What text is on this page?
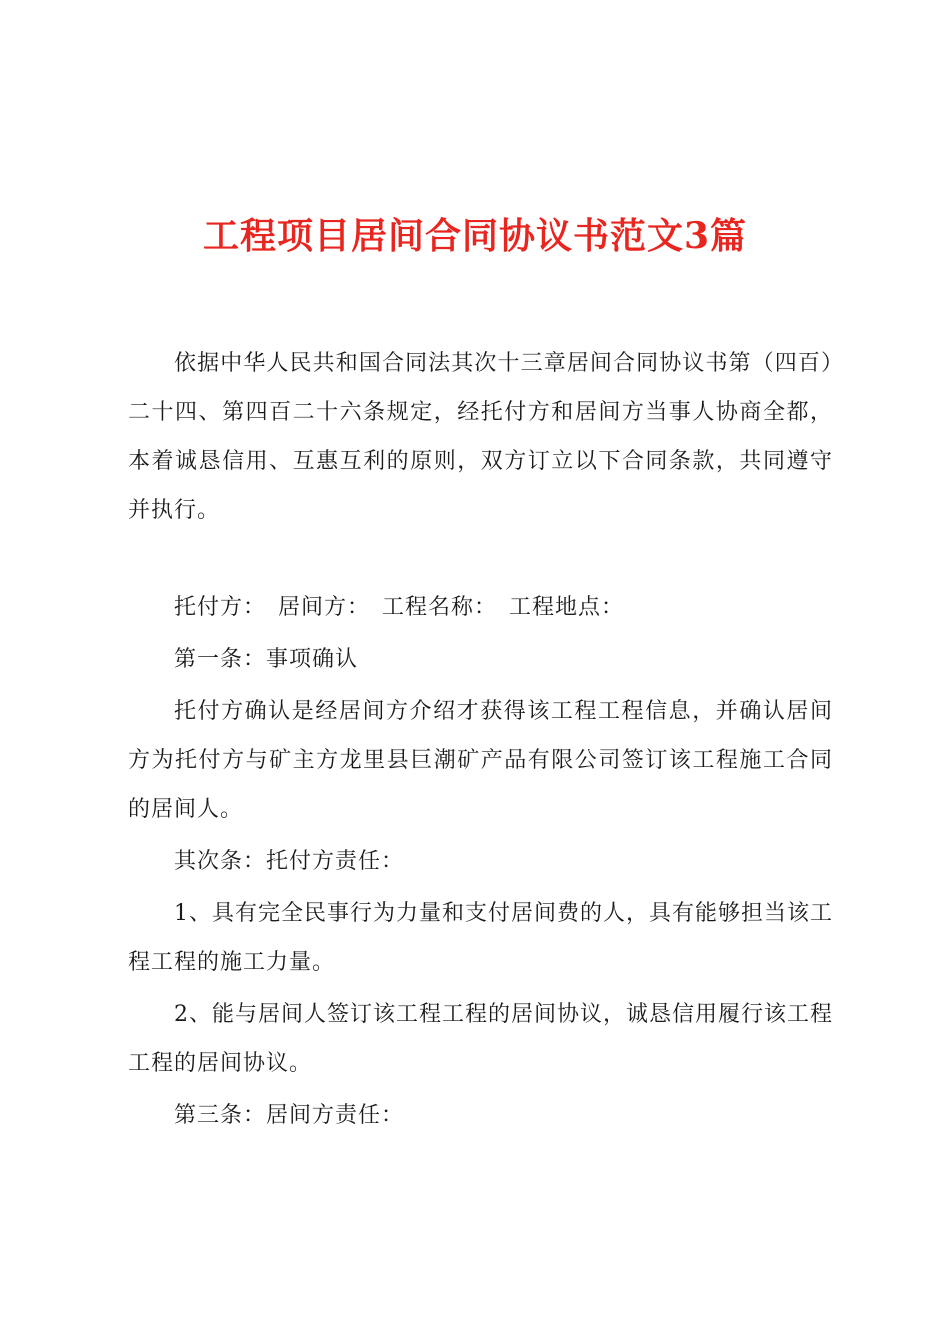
工程项目居间合同协议书范文3篇

依据中华人民共和国合同法其次十三章居间合同协议书第（四百）二十四、第四百二十六条规定，经托付方和居间方当事人协商全都，本着诚恳信用、互惠互利的原则，双方订立以下合同条款，共同遵守并执行。

托付方：　居间方：　工程名称：　工程地点：

第一条：事项确认

托付方确认是经居间方介绍才获得该工程工程信息，并确认居间方为托付方与矿主方龙里县巨潮矿产品有限公司签订该工程施工合同的居间人。

其次条：托付方责任：

1、具有完全民事行为力量和支付居间费的人，具有能够担当该工程工程的施工力量。

2、能与居间人签订该工程工程的居间协议，诚恳信用履行该工程工程的居间协议。

第三条：居间方责任：
